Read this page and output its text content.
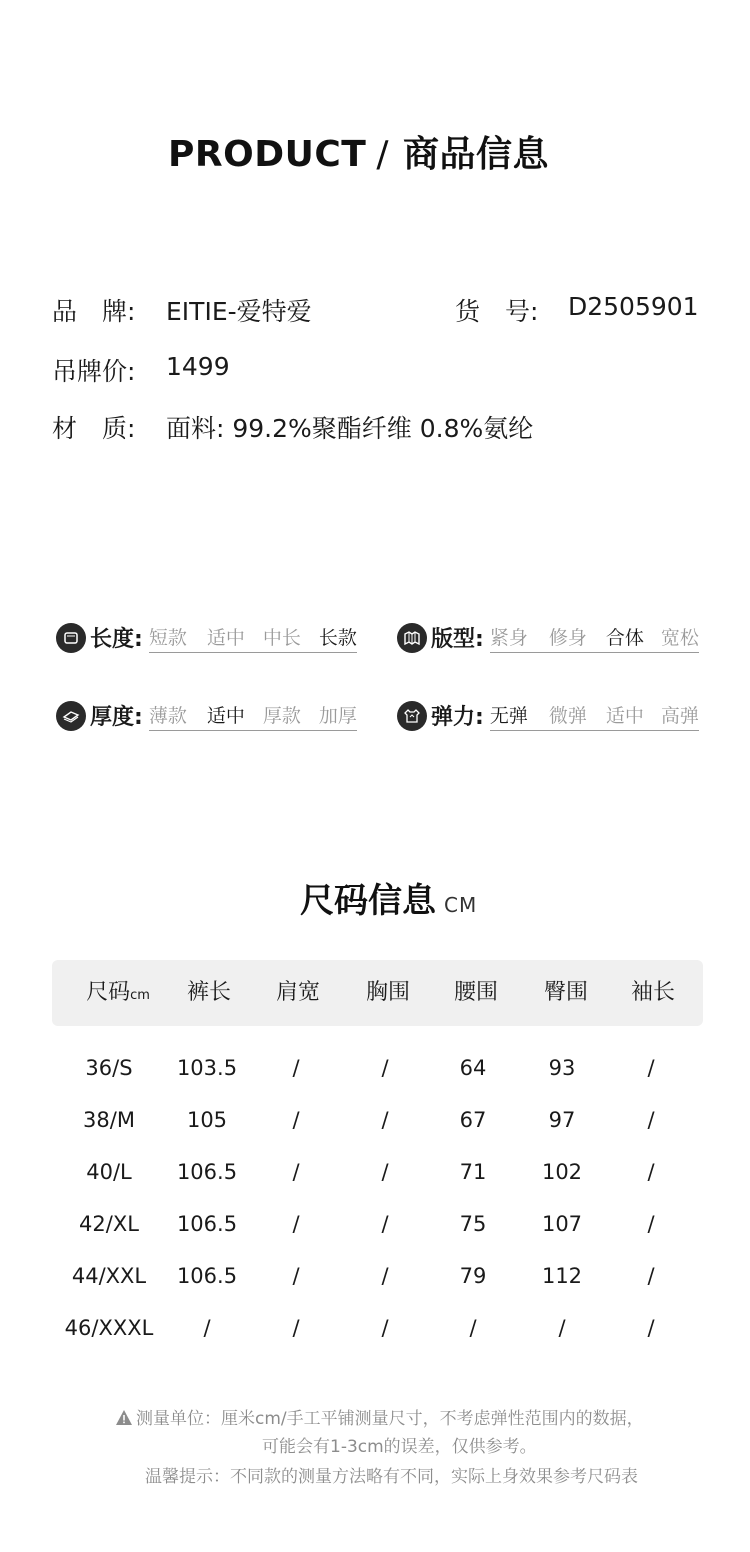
PRODUCT / 商品信息
品　牌: EITIE-爱特爱	货　号: D2505901
吊牌价: 1499
材　质: 面料: 99.2%聚酯纤维 0.8%氨纶
长度: 短款	适中 中长 长款	版型: 紧身	修身 合体 宽松
厚度: 薄款	适中 厚款 加厚	弹力: 无弹	微弹 适中 高弹
尺码信息 CM
尺码cm 裤长 肩宽 胸围 腰围 臀围 袖长
36/S 103.5	/	/	64	93	/
38/M 105	/	/	67	97	/
40/L 106.5	/	/	71	102	/
42/XL 106.5	/	/	75	107	/
44/XXL 106.5	/	/	79	112	/
46/XXXL /	/	/	/	/	/
测量单位：厘米cm/手工平铺测量尺寸，不考虑弹性范围内的数据，
可能会有1-3cm的误差，仅供参考。
温馨提示：不同款的测量方法略有不同，实际上身效果参考尺码表
